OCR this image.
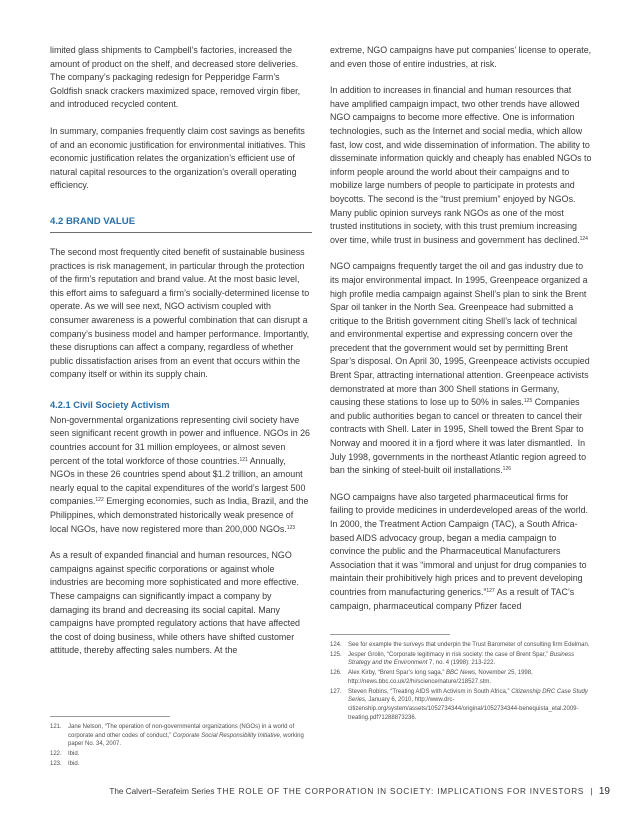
limited glass shipments to Campbell’s factories, increased the amount of product on the shelf, and decreased store deliveries. The company’s packaging redesign for Pepperidge Farm’s Goldfish snack crackers maximized space, removed virgin fiber, and introduced recycled content.

In summary, companies frequently claim cost savings as benefits of and an economic justification for environmental initiatives. This economic justification relates the organization’s efficient use of natural capital resources to the organization’s overall operating efficiency.

4.2 BRAND VALUE

The second most frequently cited benefit of sustainable business practices is risk management, in particular through the protection of the firm’s reputation and brand value. At the most basic level, this effort aims to safeguard a firm’s socially-determined license to operate. As we will see next, NGO activism coupled with consumer awareness is a powerful combination that can disrupt a company’s business model and hamper performance. Importantly, these disruptions can affect a company, regardless of whether public dissatisfaction arises from an event that occurs within the company itself or within its supply chain.

4.2.1 Civil Society Activism

Non-governmental organizations representing civil society have seen significant recent growth in power and influence. NGOs in 26 countries account for 31 million employees, or almost seven percent of the total workforce of those countries.$^{121}$ Annually, NGOs in these 26 countries spend about $1.2 trillion, an amount nearly equal to the capital expenditures of the world’s largest 500 companies.$^{122}$ Emerging economies, such as India, Brazil, and the Philippines, which demonstrated historically weak presence of local NGOs, have now registered more than 200,000 NGOs.$^{123}$

As a result of expanded financial and human resources, NGO campaigns against specific corporations or against whole industries are becoming more sophisticated and more effective. These campaigns can significantly impact a company by damaging its brand and decreasing its social capital. Many campaigns have prompted regulatory actions that have affected the cost of doing business, while others have shifted customer attitude, thereby affecting sales numbers. At the

extreme, NGO campaigns have put companies’ license to operate, and even those of entire industries, at risk.

In addition to increases in financial and human resources that have amplified campaign impact, two other trends have allowed NGO campaigns to become more effective. One is information technologies, such as the Internet and social media, which allow fast, low cost, and wide dissemination of information. The ability to disseminate information quickly and cheaply has enabled NGOs to inform people around the world about their campaigns and to mobilize large numbers of people to participate in protests and boycotts. The second is the “trust premium” enjoyed by NGOs. Many public opinion surveys rank NGOs as one of the most trusted institutions in society, with this trust premium increasing over time, while trust in business and government has declined.$^{124}$

NGO campaigns frequently target the oil and gas industry due to its major environmental impact. In 1995, Greenpeace organized a high profile media campaign against Shell’s plan to sink the Brent Spar oil tanker in the North Sea. Greenpeace had submitted a critique to the British government citing Shell’s lack of technical and environmental expertise and expressing concern over the precedent that the government would set by permitting Brent Spar’s disposal. On April 30, 1995, Greenpeace activists occupied Brent Spar, attracting international attention. Greenpeace activists demonstrated at more than 300 Shell stations in Germany, causing these stations to lose up to 50% in sales.$^{125}$ Companies and public authorities began to cancel or threaten to cancel their contracts with Shell. Later in 1995, Shell towed the Brent Spar to Norway and moored it in a fjord where it was later dismantled.  In July 1998, governments in the northeast Atlantic region agreed to ban the sinking of steel-built oil installations.$^{126}$

NGO campaigns have also targeted pharmaceutical firms for failing to provide medicines in underdeveloped areas of the world. In 2000, the Treatment Action Campaign (TAC), a South Africa-based AIDS advocacy group, began a media campaign to convince the public and the Pharmaceutical Manufacturers Association that it was “immoral and unjust for drug companies to maintain their prohibitively high prices and to prevent developing countries from manufacturing generics.”$^{127}$ As a result of TAC’s campaign, pharmaceutical company Pfizer faced

121.	Jane Nelson, “The operation of non-governmental organizations (NGOs) in a world of corporate and other codes of conduct,” Corporate Social Responsibility Initiative, working paper No. 34, 2007.
122.	Ibid.
123.	Ibid.
124.	See for example the surveys that underpin the Trust Barometer of consulting firm Edelman.
125.	Jesper Grolin, “Corporate legitimacy in risk society: the case of Brent Spar,” Business Strategy and the Environment 7, no. 4 (1998): 213-222.
126.	Alex Kirby, “Brent Spar’s long saga,” BBC News, November 25, 1998, http://news.bbc.co.uk/2/hi/science/nature/218527.stm.
127.	Steven Robins, “Treating AIDS with Activism in South Africa,” Citizenship DRC Case Study Series, January 6, 2010, http://www.drc-citizenship.org/system/assets/1052734344/original/1052734344-benequista_etal.2009-treating.pdf?1288873236.
The Calvert–Serafeim Series THE ROLE OF THE CORPORATION IN SOCIETY: IMPLICATIONS FOR INVESTORS | 19
